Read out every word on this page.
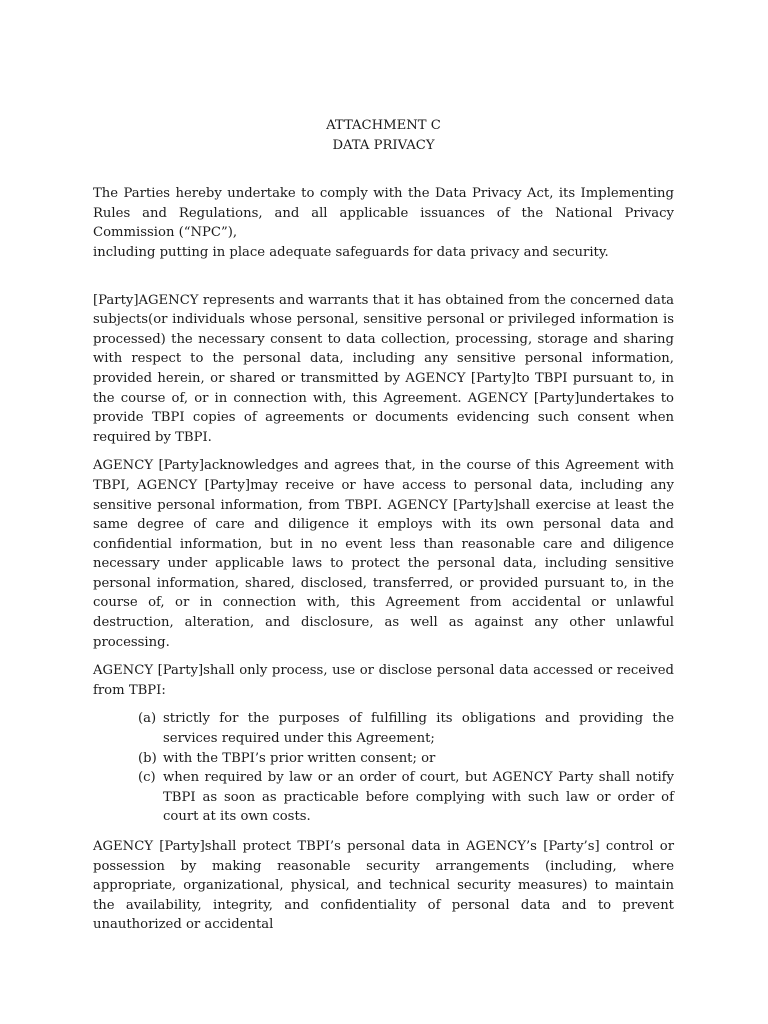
ATTACHMENT C

DATA PRIVACY

The Parties hereby undertake to comply with the Data Privacy Act, its Implementing Rules and Regulations, and all applicable issuances of the National Privacy Commission (“NPC”),
including putting in place adequate safeguards for data privacy and security.

[Party]AGENCY represents and warrants that it has obtained from the concerned data subjects(or individuals whose personal, sensitive personal or privileged information is processed) the necessary consent to data collection, processing, storage and sharing with respect to the personal data, including any sensitive personal information, provided herein, or shared or transmitted by AGENCY [Party]to TBPI pursuant to, in the course of, or in connection with, this Agreement. AGENCY [Party]undertakes to provide TBPI copies of agreements or documents evidencing such consent when required by TBPI.

AGENCY [Party]acknowledges and agrees that, in the course of this Agreement with TBPI, AGENCY [Party]may receive or have access to personal data, including any sensitive personal information, from TBPI. AGENCY [Party]shall exercise at least the same degree of care and diligence it employs with its own personal data and confidential information, but in no event less than reasonable care and diligence necessary under applicable laws to protect the personal data, including sensitive personal information, shared, disclosed, transferred, or provided pursuant to, in the course of, or in connection with, this Agreement from accidental or unlawful destruction, alteration, and disclosure, as well as against any other unlawful processing.

AGENCY [Party]shall only process, use or disclose personal data accessed or received from TBPI:

(a) strictly for the purposes of fulfilling its obligations and providing the services required under this Agreement;
(b) with the TBPI’s prior written consent; or
(c) when required by law or an order of court, but AGENCY Party shall notify TBPI as soon as practicable before complying with such law or order of court at its own costs.

AGENCY [Party]shall protect TBPI’s personal data in AGENCY’s [Party’s] control or possession by making reasonable security arrangements (including, where appropriate, organizational, physical, and technical security measures) to maintain the availability, integrity, and confidentiality of personal data and to prevent unauthorized or accidental
